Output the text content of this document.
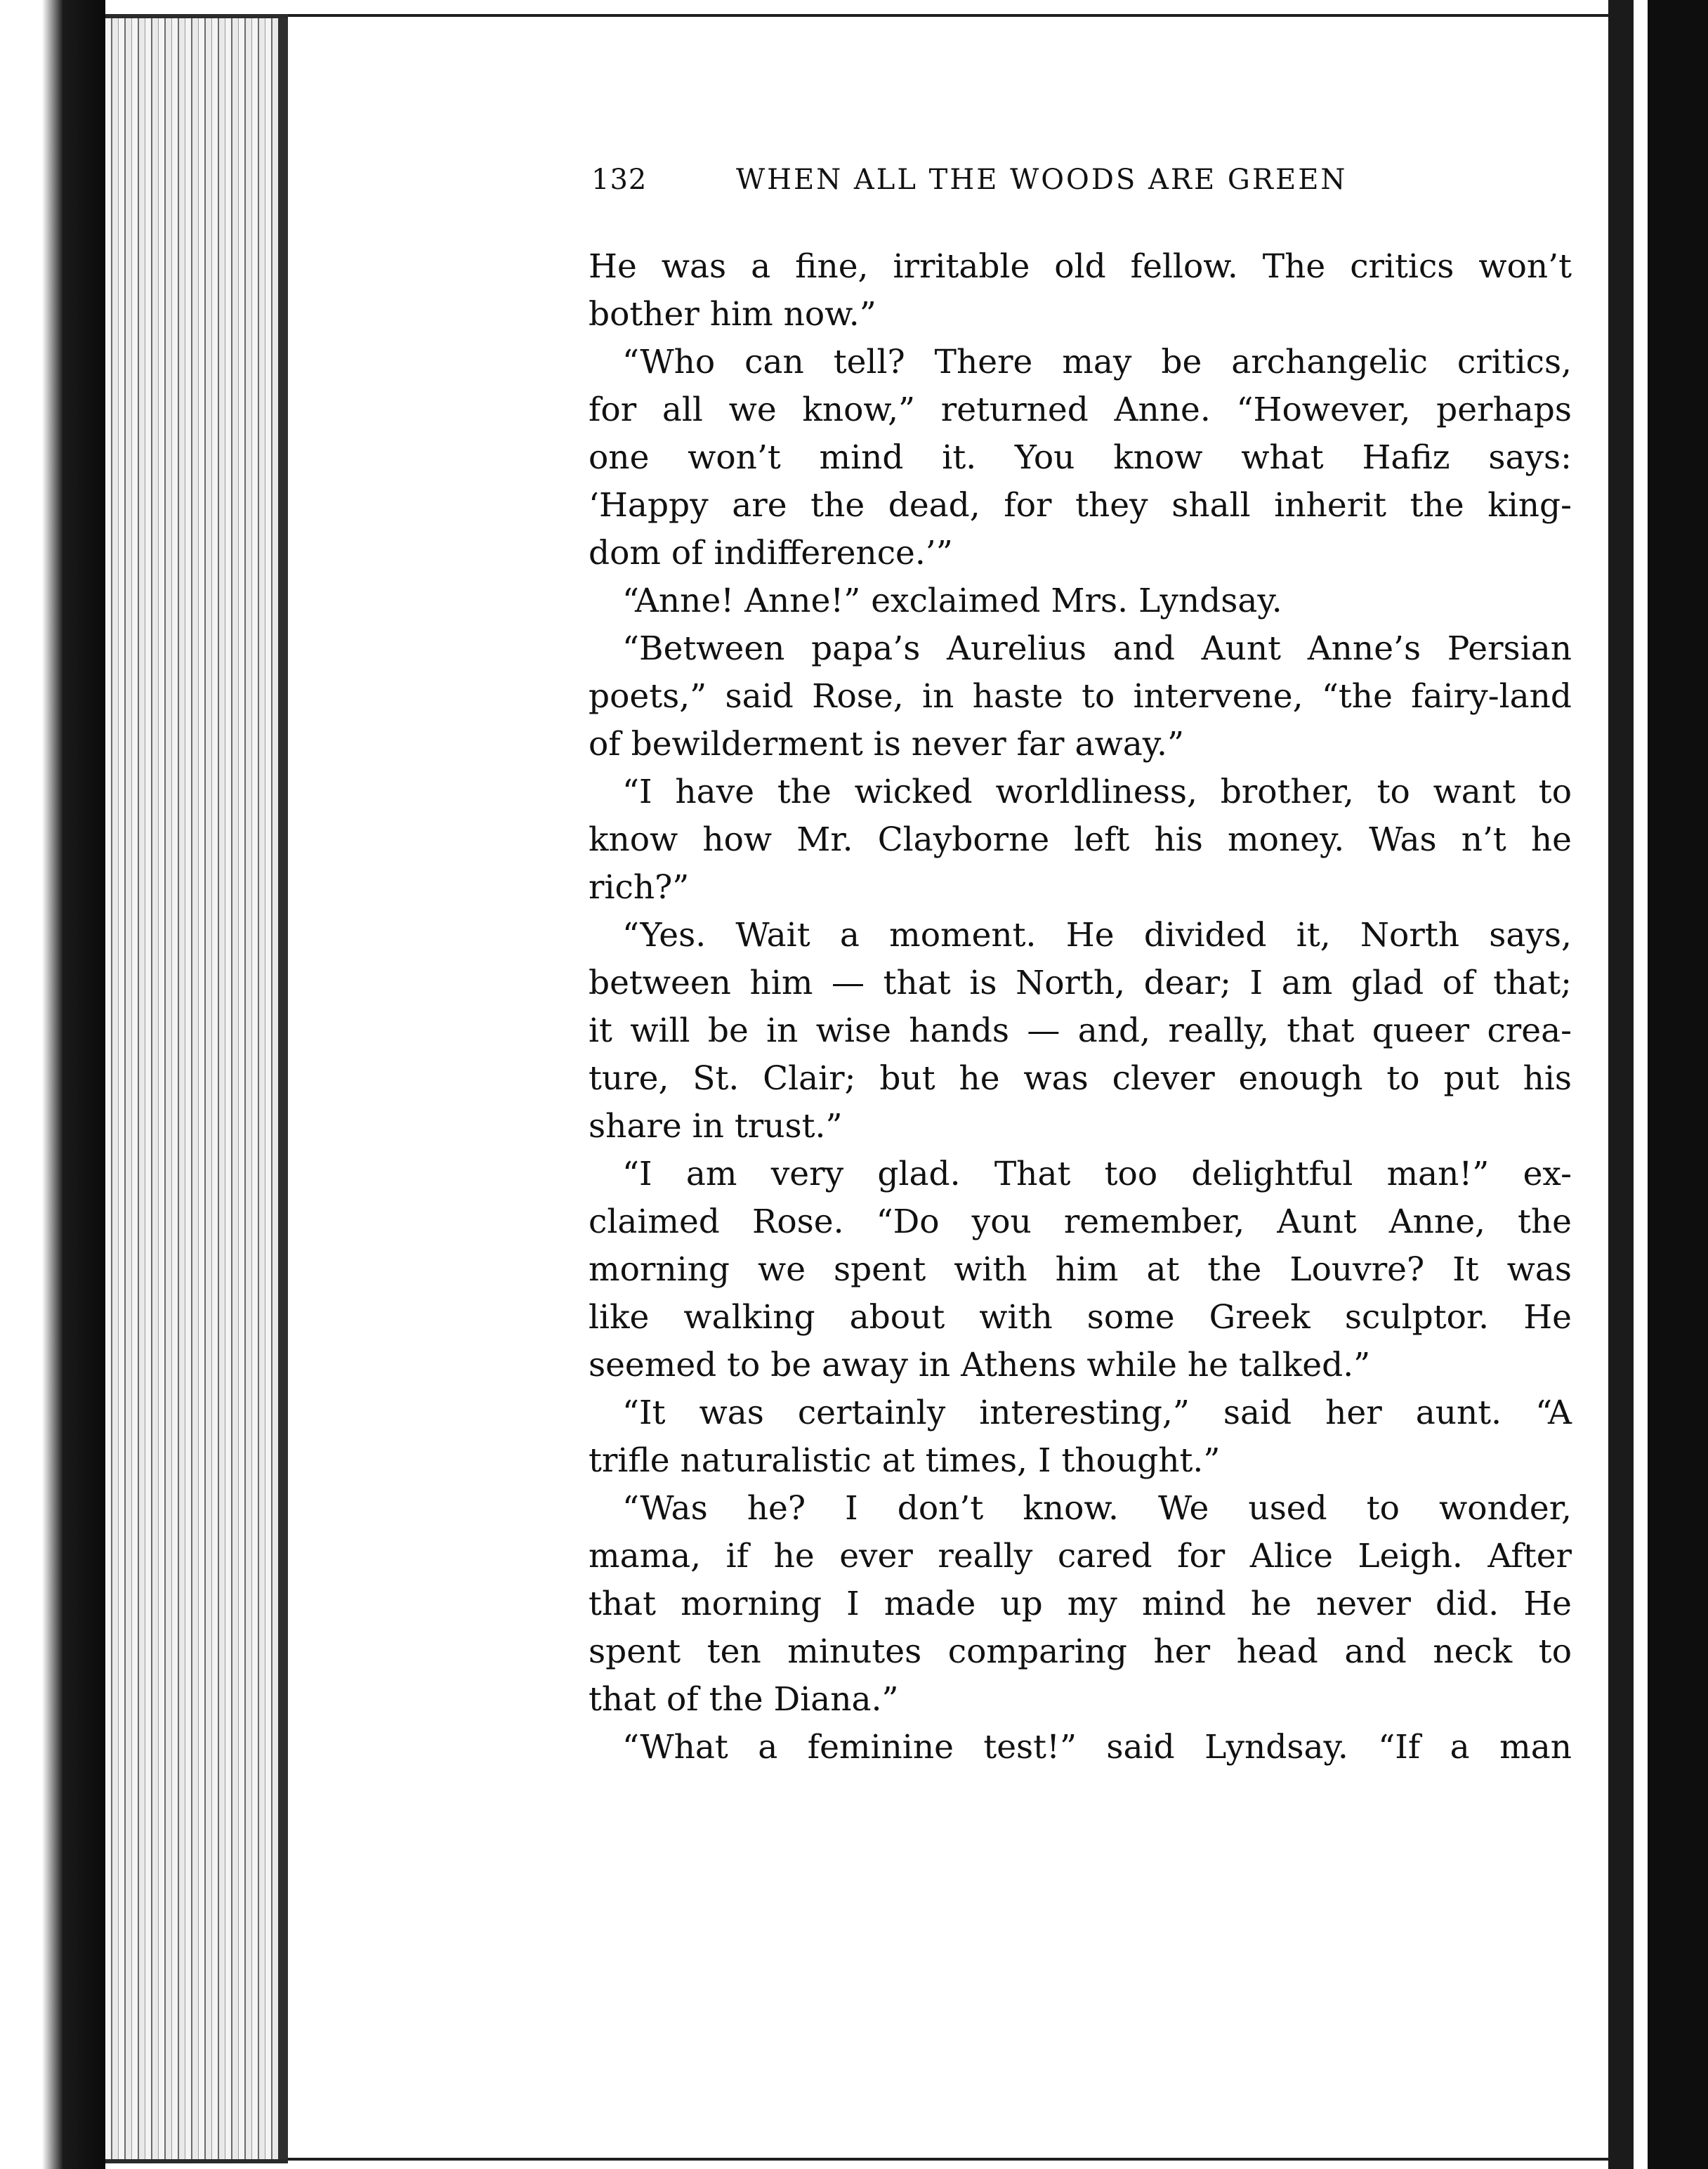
132	WHEN ALL THE WOODS ARE GREEN
He was a fine, irritable old fellow. The critics won’t
bother him now.”
“Who can tell? There may be archangelic critics,
for all we know,” returned Anne. “However, perhaps
one won’t mind it. You know what Hafiz says:
‘Happy are the dead, for they shall inherit the king-
dom of indifference.’”
“Anne! Anne!” exclaimed Mrs. Lyndsay.
“Between papa’s Aurelius and Aunt Anne’s Persian
poets,” said Rose, in haste to intervene, “the fairy-land
of bewilderment is never far away.”
“I have the wicked worldliness, brother, to want to
know how Mr. Clayborne left his money. Was n’t he
rich?”
“Yes. Wait a moment. He divided it, North says,
between him — that is North, dear; I am glad of that;
it will be in wise hands — and, really, that queer crea-
ture, St. Clair; but he was clever enough to put his
share in trust.”
“I am very glad. That too delightful man!” ex-
claimed Rose. “Do you remember, Aunt Anne, the
morning we spent with him at the Louvre? It was
like walking about with some Greek sculptor. He
seemed to be away in Athens while he talked.”
“It was certainly interesting,” said her aunt. “A
trifle naturalistic at times, I thought.”
“Was he? I don’t know. We used to wonder,
mama, if he ever really cared for Alice Leigh. After
that morning I made up my mind he never did. He
spent ten minutes comparing her head and neck to
that of the Diana.”
“What a feminine test!” said Lyndsay. “If a man
